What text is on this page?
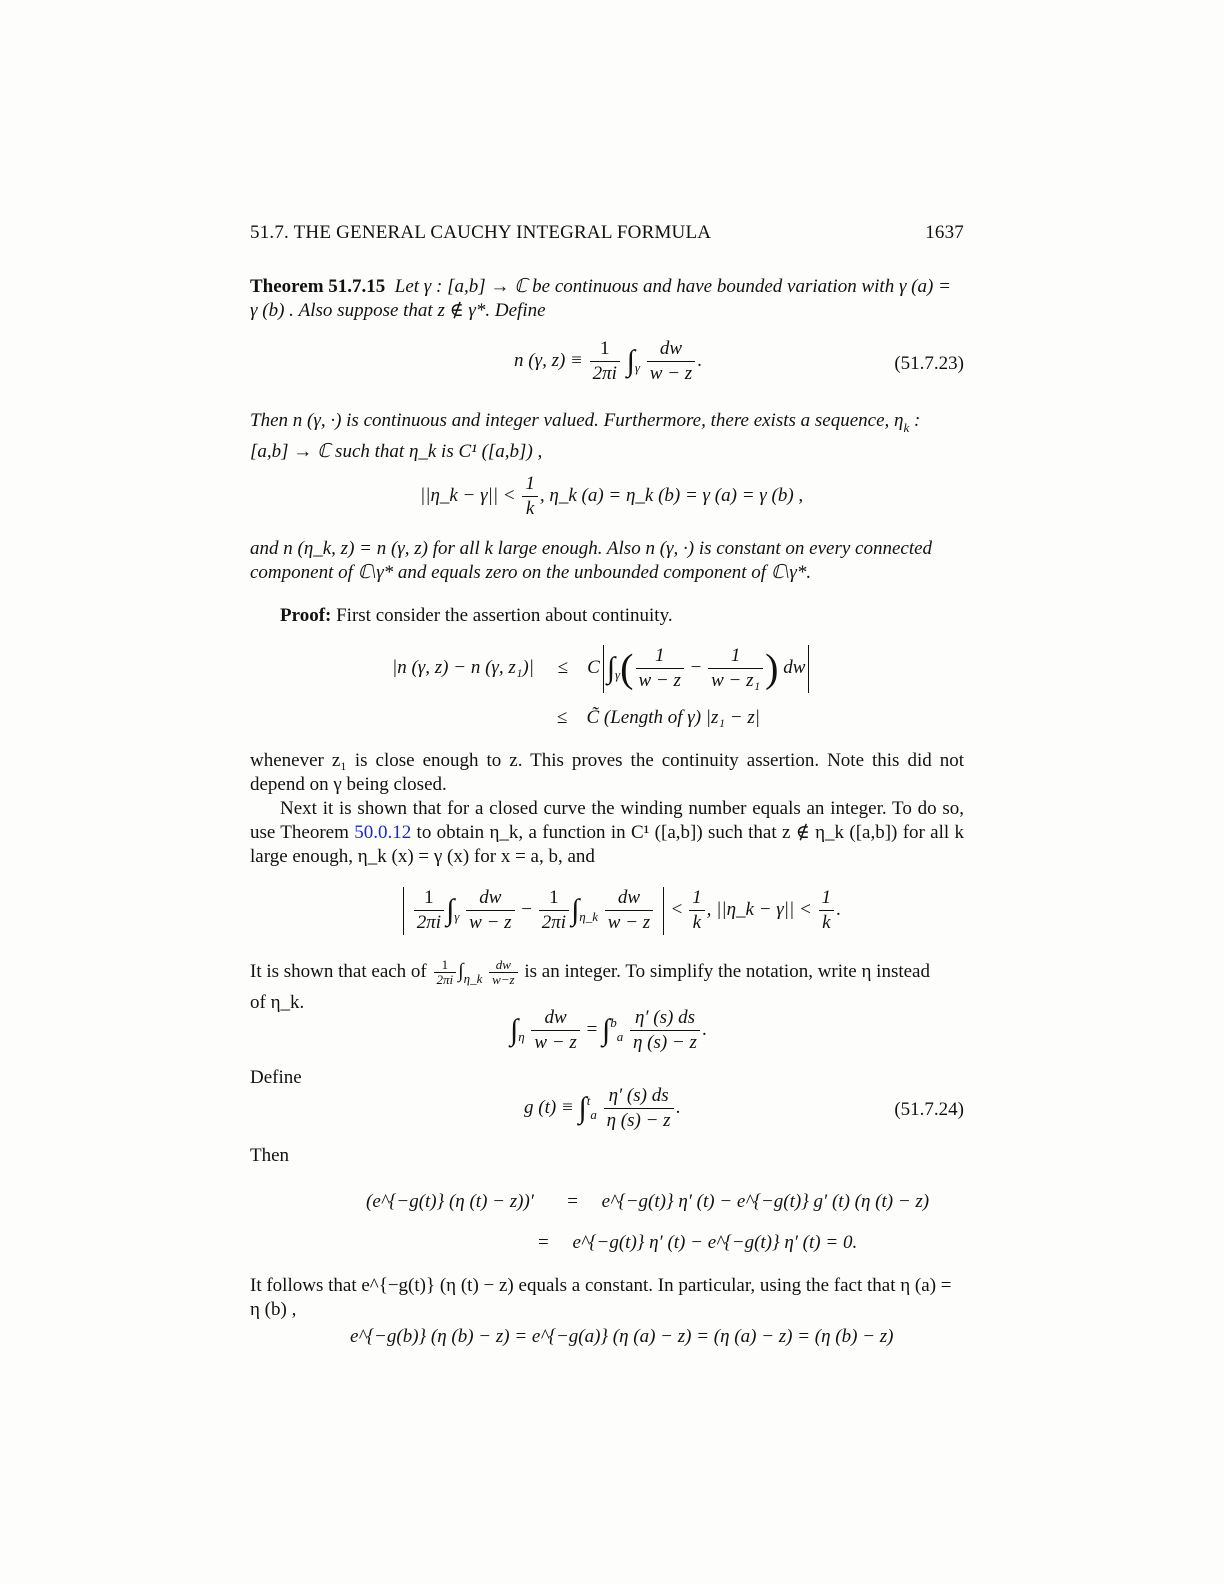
51.7. THE GENERAL CAUCHY INTEGRAL FORMULA	1637
Theorem 51.7.15 Let γ : [a,b] → ℂ be continuous and have bounded variation with γ (a) =
γ (b) . Also suppose that z ∉ γ*. Define
n (γ, $z) \equiv \frac{1}{2\pi i} \int_\gamma \frac{dw}{w - z}$ .	(51.7.23)
Then n (γ, ·) is continuous and integer valued. Furthermore, there exists a sequence, $\eta_k$ :
[a,b] → ℂ such that η_k is C¹ ([a,b]) ,
||η_k − $\gamma|| < \frac{1}{k}$ , η_k (a) = η_k (b) = γ (a) = γ (b) ,
and n (η_k, z) = n (γ, z) for all k large enough. Also n (γ, ·) is constant on every connected
component of ℂ\γ* and equals zero on the unbounded component of ℂ\γ*.
Proof: First consider the assertion about continuity.
|n (γ, z) − n (γ, z₁)| ≤ C $\int_\gamma( \frac{1}{w - z} - \frac{1}{\text{w − z₁}}$ ) dw
≤ C̃ (Length of γ) |z₁ − z|
whenever z₁ is close enough to z. This proves the continuity assertion. Note this did not depend on γ being closed.
Next it is shown that for a closed curve the winding number equals an integer. To do so, use Theorem 50.0.12 to obtain η_k, a function in C¹ ([a,b]) such that z ∉ η_k ([a,b]) for all k large enough, η_k (x) = γ (x) for x = a, b, and

$\frac{1}{2\pi i} \int_\gamma \frac{dw}{w - z} - \frac{1}{2\pi i} \int_{\eta\_k} \frac{dw}{w - z} < \frac{1}{k}$ , ||η_k − $\gamma|| < \frac{1}{k}$ .
It is shown that each of $\frac{1}{2\pi i} \int_{\eta\_k} \frac{dw}{w-z}$ is an integer. To simplify the notation, write η instead
of η_k.
$\int_\eta \frac{dw}{w - z} = \int^b_a \frac{\eta' (s) ds}{\eta (s) - z}$ .
Define
g $(t) \equiv \int^t_a \frac{\eta' (s) ds}{\eta (s) - z}$ .	(51.7.24)
Then
(e^{−g(t)} (η (t) − z))′ = e^{−g(t)} η′ (t) − e^{−g(t)} g′ (t) (η (t) − z)
= e^{−g(t)} η′ (t) − e^{−g(t)} η′ (t) = 0.
It follows that e^{−g(t)} (η (t) − z) equals a constant. In particular, using the fact that η (a) =
η (b) ,
e^{−g(b)} (η (b) − z) = e^{−g(a)} (η (a) − z) = (η (a) − z) = (η (b) − z)
